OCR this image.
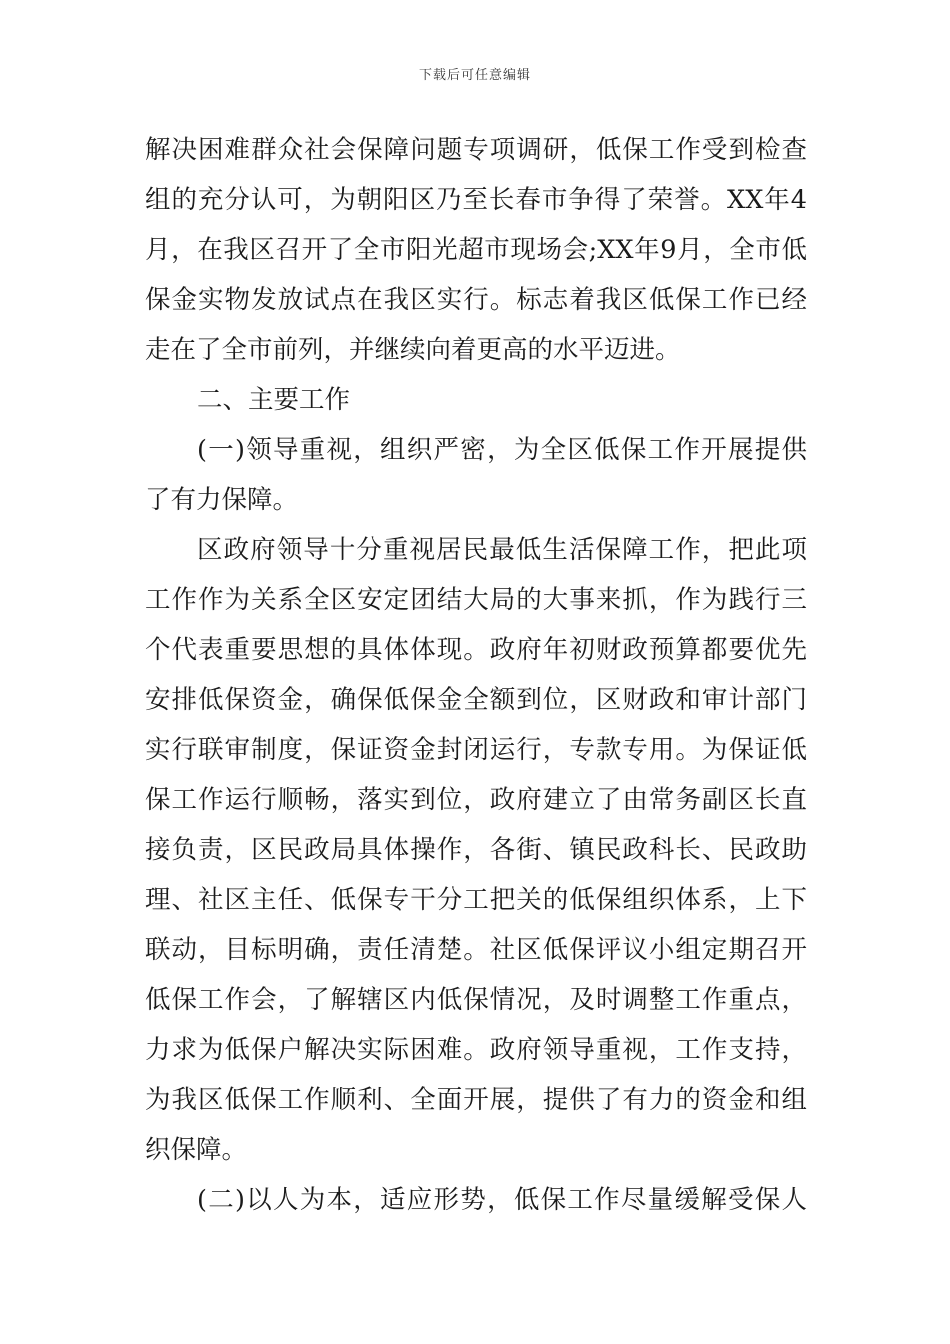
下载后可任意编辑
解决困难群众社会保障问题专项调研，低保工作受到检查
组的充分认可，为朝阳区乃至长春市争得了荣誉。XX年4
月，在我区召开了全市阳光超市现场会;XX年9月，全市低
保金实物发放试点在我区实行。标志着我区低保工作已经
走在了全市前列，并继续向着更高的水平迈进。
二、主要工作
(一)领导重视，组织严密，为全区低保工作开展提供
了有力保障。
区政府领导十分重视居民最低生活保障工作，把此项
工作作为关系全区安定团结大局的大事来抓，作为践行三
个代表重要思想的具体体现。政府年初财政预算都要优先
安排低保资金，确保低保金全额到位，区财政和审计部门
实行联审制度，保证资金封闭运行，专款专用。为保证低
保工作运行顺畅，落实到位，政府建立了由常务副区长直
接负责，区民政局具体操作，各街、镇民政科长、民政助
理、社区主任、低保专干分工把关的低保组织体系，上下
联动，目标明确，责任清楚。社区低保评议小组定期召开
低保工作会，了解辖区内低保情况，及时调整工作重点，
力求为低保户解决实际困难。政府领导重视，工作支持，
为我区低保工作顺利、全面开展，提供了有力的资金和组
织保障。
(二)以人为本，适应形势，低保工作尽量缓解受保人
